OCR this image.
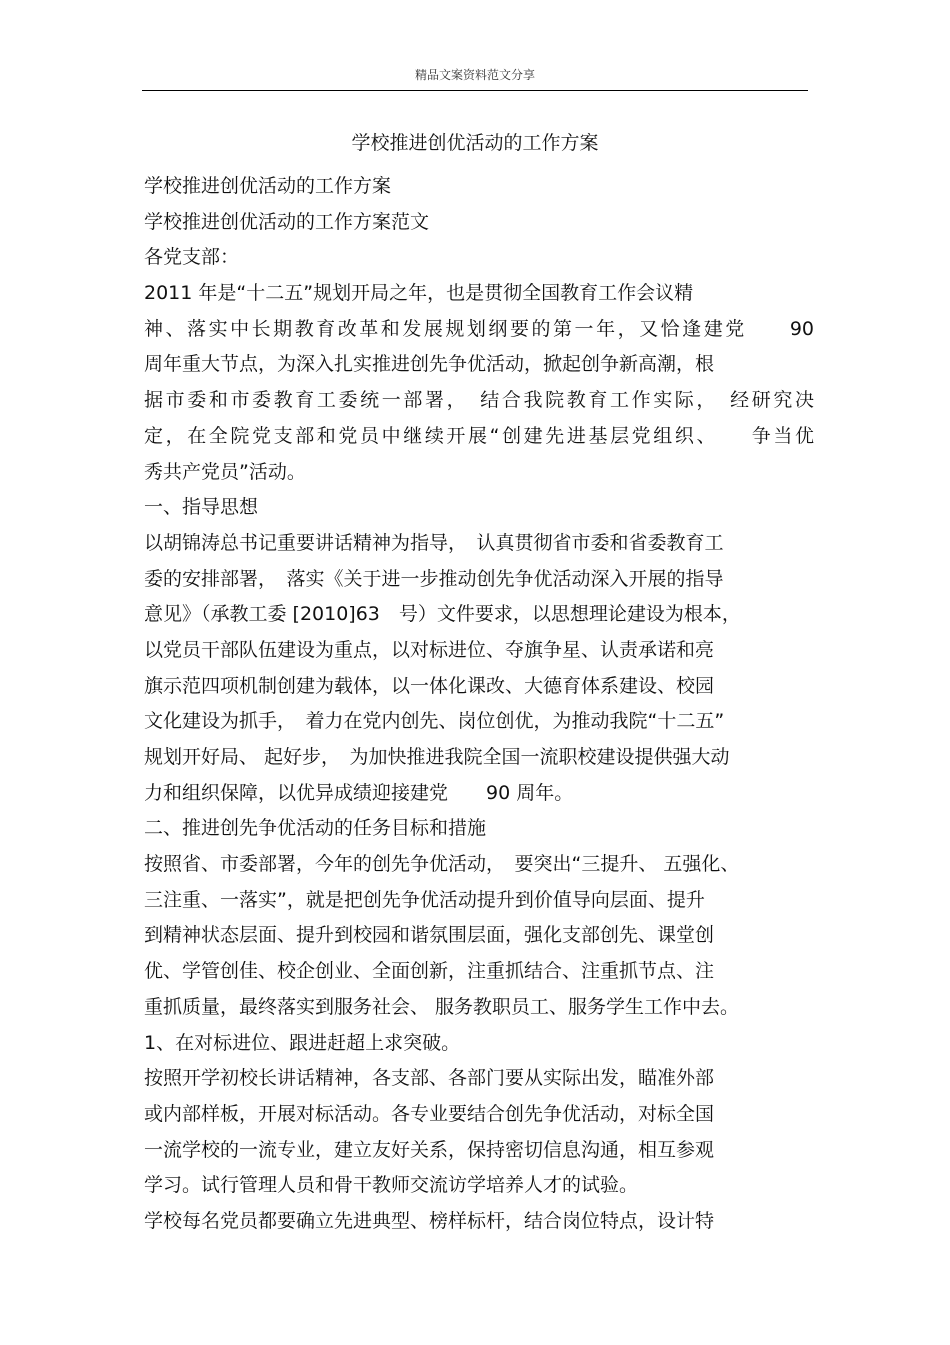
精品文案资料范文分享
学校推进创优活动的工作方案
学校推进创优活动的工作方案
学校推进创优活动的工作方案范文
各党支部：
2011 年是“十二五”规划开局之年，也是贯彻全国教育工作会议精
神、落实中长期教育改革和发展规划纲要的第一年，又恰逢建党　　90
周年重大节点，为深入扎实推进创先争优活动，掀起创争新高潮，根
据市委和市委教育工委统一部署，　结合我院教育工作实际，　经研究决
定，在全院党支部和党员中继续开展“创建先进基层党组织、　　争当优
秀共产党员”活动。
一、指导思想
以胡锦涛总书记重要讲话精神为指导，　认真贯彻省市委和省委教育工
委的安排部署，　落实《关于进一步推动创先争优活动深入开展的指导
意见》（承教工委 [2010]63　号）文件要求，以思想理论建设为根本，
以党员干部队伍建设为重点，以对标进位、夺旗争星、认责承诺和亮
旗示范四项机制创建为载体，以一体化课改、大德育体系建设、校园
文化建设为抓手，　着力在党内创先、岗位创优，为推动我院“十二五”
规划开好局、 起好步，　为加快推进我院全国一流职校建设提供强大动
力和组织保障，以优异成绩迎接建党　　90 周年。
二、推进创先争优活动的任务目标和措施
按照省、市委部署，今年的创先争优活动，　要突出“三提升、 五强化、
三注重、一落实”，就是把创先争优活动提升到价值导向层面、提升
到精神状态层面、提升到校园和谐氛围层面，强化支部创先、课堂创
优、学管创佳、校企创业、全面创新，注重抓结合、注重抓节点、注
重抓质量，最终落实到服务社会、 服务教职员工、服务学生工作中去。
1、在对标进位、跟进赶超上求突破。
按照开学初校长讲话精神，各支部、各部门要从实际出发，瞄准外部
或内部样板，开展对标活动。各专业要结合创先争优活动，对标全国
一流学校的一流专业，建立友好关系，保持密切信息沟通，相互参观
学习。试行管理人员和骨干教师交流访学培养人才的试验。
学校每名党员都要确立先进典型、榜样标杆，结合岗位特点，设计特
